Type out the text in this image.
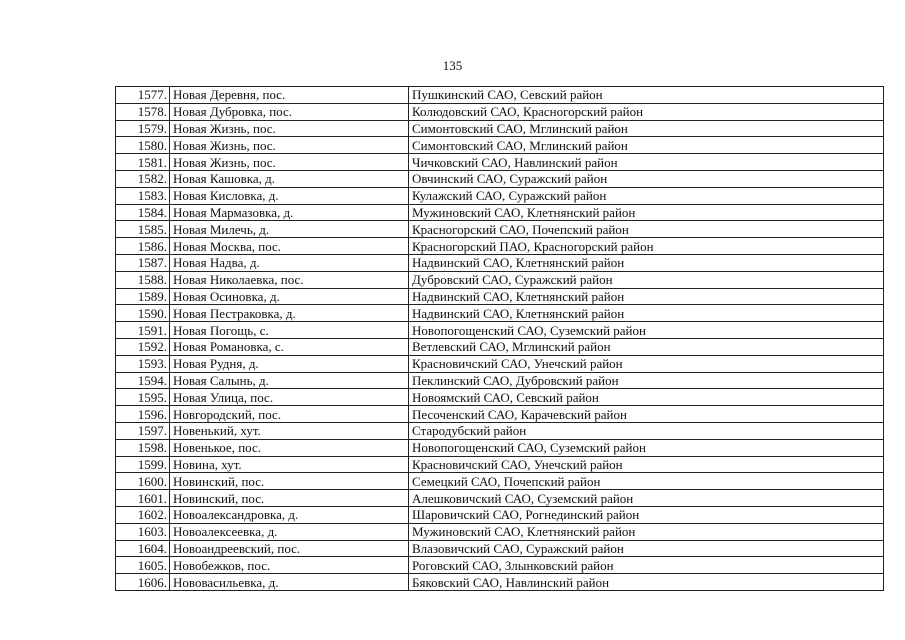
135
1577.	Новая Деревня, пос.	Пушкинский САО, Севский район
1578.	Новая Дубровка, пос.	Колюдовский САО, Красногорский район
1579.	Новая Жизнь, пос.	Симонтовский САО, Мглинский район
1580.	Новая Жизнь, пос.	Симонтовский САО, Мглинский район
1581.	Новая Жизнь, пос.	Чичковский САО, Навлинский район
1582.	Новая Кашовка, д.	Овчинский САО, Суражский район
1583.	Новая Кисловка, д.	Кулажский САО, Суражский район
1584.	Новая Мармазовка, д.	Мужиновский САО, Клетнянский район
1585.	Новая Милечь, д.	Красногорский САО, Почепский район
1586.	Новая Москва, пос.	Красногорский ПАО, Красногорский район
1587.	Новая Надва, д.	Надвинский САО, Клетнянский район
1588.	Новая Николаевка, пос.	Дубровский САО, Суражский район
1589.	Новая Осиновка, д.	Надвинский САО, Клетнянский район
1590.	Новая Пестраковка, д.	Надвинский САО, Клетнянский район
1591.	Новая Погощь, с.	Новопогощенский САО, Суземский район
1592.	Новая Романовка, с.	Ветлевский САО, Мглинский район
1593.	Новая Рудня, д.	Красновичский САО, Унечский район
1594.	Новая Салынь, д.	Пеклинский САО, Дубровский район
1595.	Новая Улица, пос.	Новоямский САО, Севский район
1596.	Новгородский, пос.	Песоченский САО, Карачевский район
1597.	Новенький, хут.	Стародубский район
1598.	Новенькое, пос.	Новопогощенский САО, Суземский район
1599.	Новина, хут.	Красновичский САО, Унечский район
1600.	Новинский, пос.	Семецкий САО, Почепский район
1601.	Новинский, пос.	Алешковичский САО, Суземский район
1602.	Новоалександровка, д.	Шаровичский САО, Рогнединский район
1603.	Новоалексеевка, д.	Мужиновский САО, Клетнянский район
1604.	Новоандреевский, пос.	Влазовичский САО, Суражский район
1605.	Новобежков, пос.	Роговский САО, Злынковский район
1606.	Нововасильевка, д.	Бяковский САО, Навлинский район
